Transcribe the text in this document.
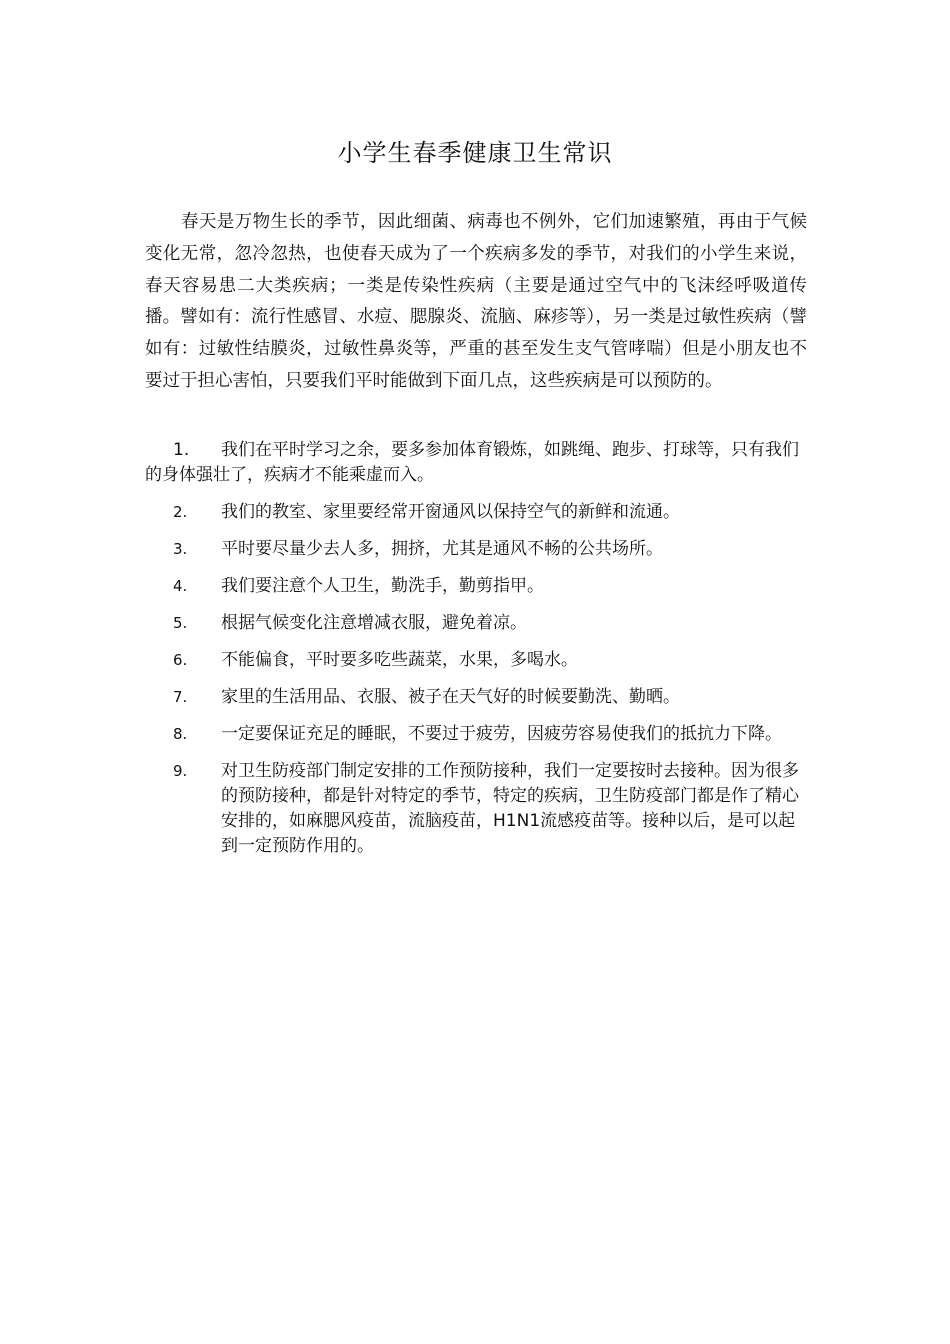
小学生春季健康卫生常识

春天是万物生长的季节，因此细菌、病毒也不例外，它们加速繁殖，再由于气候变化无常，忽冷忽热，也使春天成为了一个疾病多发的季节，对我们的小学生来说，春天容易患二大类疾病；一类是传染性疾病（主要是通过空气中的飞沫经呼吸道传播。譬如有：流行性感冒、水痘、腮腺炎、流脑、麻疹等），另一类是过敏性疾病（譬如有：过敏性结膜炎，过敏性鼻炎等，严重的甚至发生支气管哮喘）但是小朋友也不要过于担心害怕，只要我们平时能做到下面几点，这些疾病是可以预防的。

1.	我们在平时学习之余，要多参加体育锻炼，如跳绳、跑步、打球等，只有我们的身体强壮了，疾病才不能乘虚而入。
2.	我们的教室、家里要经常开窗通风以保持空气的新鲜和流通。
3.	平时要尽量少去人多，拥挤，尤其是通风不畅的公共场所。
4.	我们要注意个人卫生，勤洗手，勤剪指甲。
5.	根据气候变化注意增减衣服，避免着凉。
6.	不能偏食，平时要多吃些蔬菜，水果，多喝水。
7.	家里的生活用品、衣服、被子在天气好的时候要勤洗、勤晒。
8.	一定要保证充足的睡眠，不要过于疲劳，因疲劳容易使我们的抵抗力下降。
9.	对卫生防疫部门制定安排的工作预防接种，我们一定要按时去接种。因为很多的预防接种，都是针对特定的季节，特定的疾病，卫生防疫部门都是作了精心安排的，如麻腮风疫苗，流脑疫苗，H1N1流感疫苗等。接种以后，是可以起到一定预防作用的。
